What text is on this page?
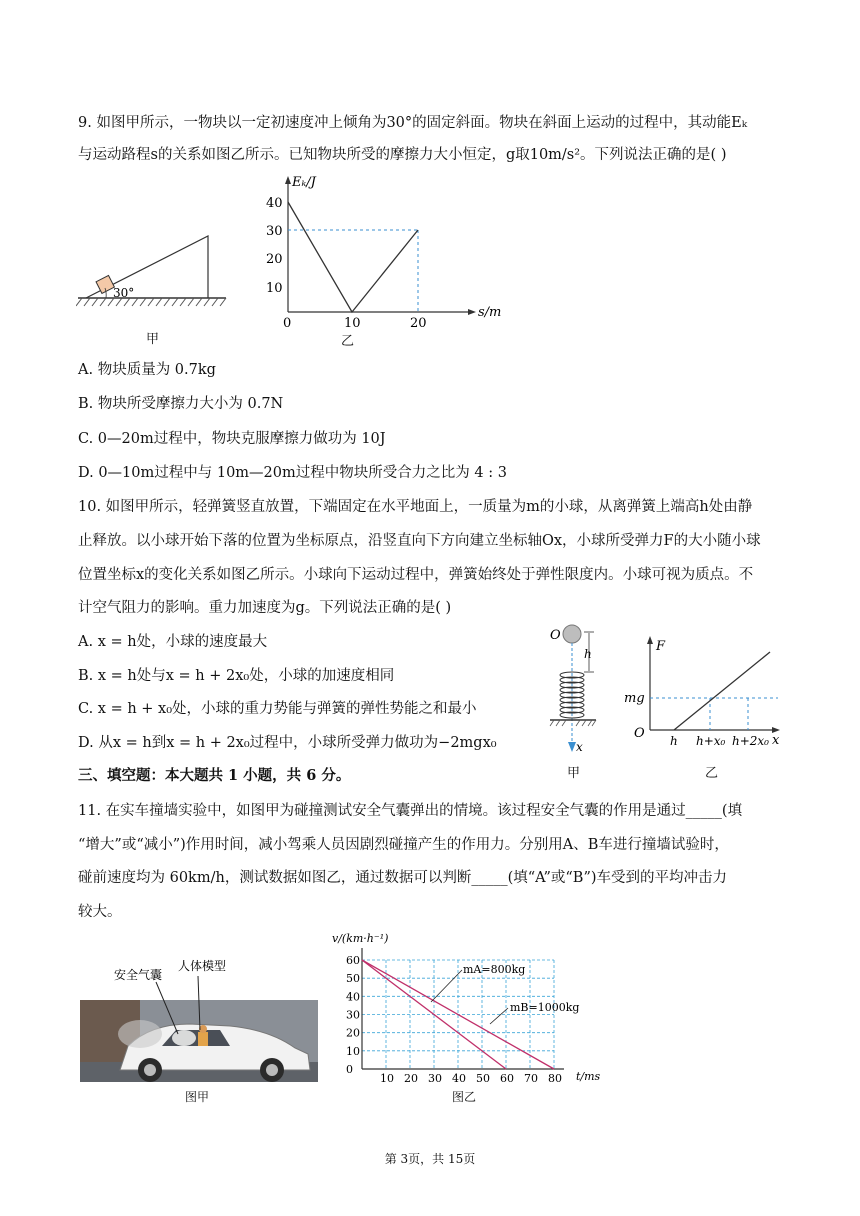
9. 如图甲所示，一物块以一定初速度冲上倾角为30°的固定斜面。物块在斜面上运动的过程中，其动能Eₖ
与运动路程s的关系如图乙所示。已知物块所受的摩擦力大小恒定，g取10m/s²。下列说法正确的是( )
30°
甲
Eₖ/J
s/m
0
40
30
20
10
10	20
乙
A. 物块质量为 0.7kg
B. 物块所受摩擦力大小为 0.7N
C. 0—20m过程中，物块克服摩擦力做功为 10J
D. 0—10m过程中与 10m—20m过程中物块所受合力之比为 4 : 3
10. 如图甲所示，轻弹簧竖直放置，下端固定在水平地面上，一质量为m的小球，从离弹簧上端高h处由静
止释放。以小球开始下落的位置为坐标原点，沿竖直向下方向建立坐标轴Ox，小球所受弹力F的大小随小球
位置坐标x的变化关系如图乙所示。小球向下运动过程中，弹簧始终处于弹性限度内。小球可视为质点。不
计空气阻力的影响。重力加速度为g。下列说法正确的是( )
A. x = h处，小球的速度最大
B. x = h处与x = h + 2x₀处，小球的加速度相同
C. x = h + x₀处，小球的重力势能与弹簧的弹性势能之和最小
D. 从x = h到x = h + 2x₀过程中，小球所受弹力做功为−2mgx₀
O
x
h
甲
F
x
O
mg
h h+x₀ h+2x₀
乙
三、填空题：本大题共 1 小题，共 6 分。
11. 在实车撞墙实验中，如图甲为碰撞测试安全气囊弹出的情境。该过程安全气囊的作用是通过_____(填
“增大”或“减小”)作用时间，减小驾乘人员因剧烈碰撞产生的作用力。分别用A、B车进行撞墙试验时，
碰前速度均为 60km/h，测试数据如图乙，通过数据可以判断_____(填“A”或“B”)车受到的平均冲击力
较大。
安全气囊
人体模型
图甲
10 20 30 40 50 60 70 80
0
10
20
30
40
50
60
v/(km·h⁻¹)
t/ms
mA=800kg
mB=1000kg
图乙
第 3页，共 15页
